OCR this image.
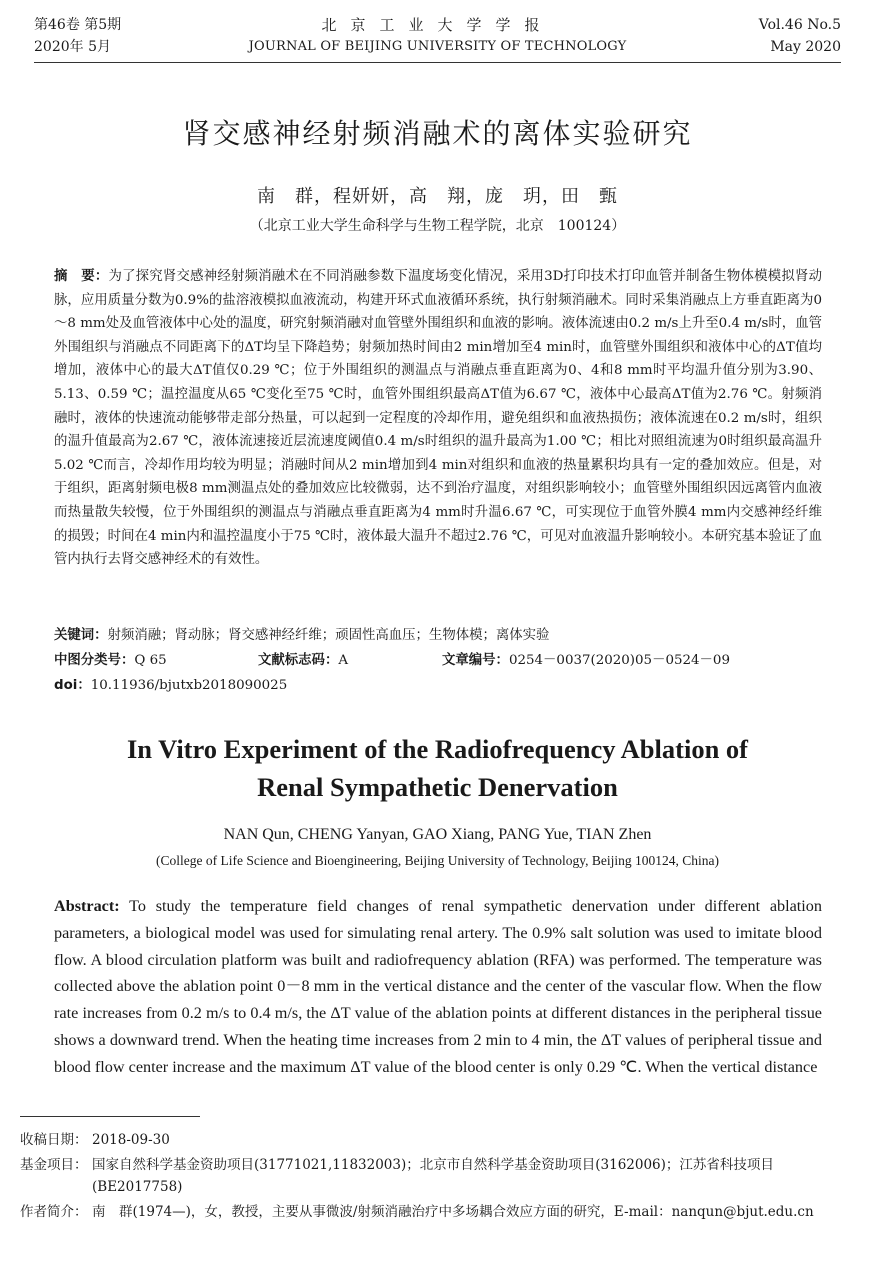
第46卷 第5期
2020年 5月
北京工业大学学报
JOURNAL OF BEIJING UNIVERSITY OF TECHNOLOGY
Vol.46 No.5
May 2020
肾交感神经射频消融术的离体实验研究
南　群，程妍妍，高　翔，庞　玥，田　甄
（北京工业大学生命科学与生物工程学院，北京　100124）
摘　要：为了探究肾交感神经射频消融术在不同消融参数下温度场变化情况，采用3D打印技术打印血管并制备生物体模模拟肾动脉，应用质量分数为0.9%的盐溶液模拟血液流动，构建开环式血液循环系统，执行射频消融术。同时采集消融点上方垂直距离为0～8 mm处及血管液体中心处的温度，研究射频消融对血管壁外围组织和血液的影响。液体流速由0.2 m/s上升至0.4 m/s时，血管外围组织与消融点不同距离下的ΔT均呈下降趋势；射频加热时间由2 min增加至4 min时，血管壁外围组织和液体中心的ΔT值均增加，液体中心的最大ΔT值仅0.29 ℃；位于外围组织的测温点与消融点垂直距离为0、4和8 mm时平均温升值分别为3.90、5.13、0.59 ℃；温控温度从65 ℃变化至75 ℃时，血管外围组织最高ΔT值为6.67 ℃，液体中心最高ΔT值为2.76 ℃。射频消融时，液体的快速流动能够带走部分热量，可以起到一定程度的冷却作用，避免组织和血液热损伤；液体流速在0.2 m/s时，组织的温升值最高为2.67 ℃，液体流速接近层流速度阈值0.4 m/s时组织的温升最高为1.00 ℃；相比对照组流速为0时组织最高温升5.02 ℃而言，冷却作用均较为明显；消融时间从2 min增加到4 min对组织和血液的热量累积均具有一定的叠加效应。但是，对于组织，距离射频电极8 mm测温点处的叠加效应比较微弱，达不到治疗温度，对组织影响较小；血管壁外围组织因远离管内血液而热量散失较慢，位于外围组织的测温点与消融点垂直距离为4 mm时升温6.67 ℃，可实现位于血管外膜4 mm内交感神经纤维的损毁；时间在4 min内和温控温度小于75 ℃时，液体最大温升不超过2.76 ℃，可见对血液温升影响较小。本研究基本验证了血管内执行去肾交感神经术的有效性。
关键词：射频消融；肾动脉；肾交感神经纤维；顽固性高血压；生物体模；离体实验
中图分类号：Q 65	文献标志码：A	文章编号：0254－0037(2020)05－0524－09
doi：10.11936/bjutxb2018090025
In Vitro Experiment of the Radiofrequency Ablation of
Renal Sympathetic Denervation
NAN Qun, CHENG Yanyan, GAO Xiang, PANG Yue, TIAN Zhen
(College of Life Science and Bioengineering, Beijing University of Technology, Beijing 100124, China)
Abstract: To study the temperature field changes of renal sympathetic denervation under different ablation parameters, a biological model was used for simulating renal artery. The 0.9% salt solution was used to imitate blood flow. A blood circulation platform was built and radiofrequency ablation (RFA) was performed. The temperature was collected above the ablation point 0－8 mm in the vertical distance and the center of the vascular flow. When the flow rate increases from 0.2 m/s to 0.4 m/s, the ΔT value of the ablation points at different distances in the peripheral tissue shows a downward trend. When the heating time increases from 2 min to 4 min, the ΔT values of peripheral tissue and blood flow center increase and the maximum ΔT value of the blood center is only 0.29 ℃. When the vertical distance
收稿日期： 2018-09-30
基金项目： 国家自然科学基金资助项目(31771021,11832003)；北京市自然科学基金资助项目(3162006)；江苏省科技项目(BE2017758)
作者简介： 南　群(1974—)，女，教授，主要从事微波/射频消融治疗中多场耦合效应方面的研究，E-mail：nanqun@bjut.edu.cn
